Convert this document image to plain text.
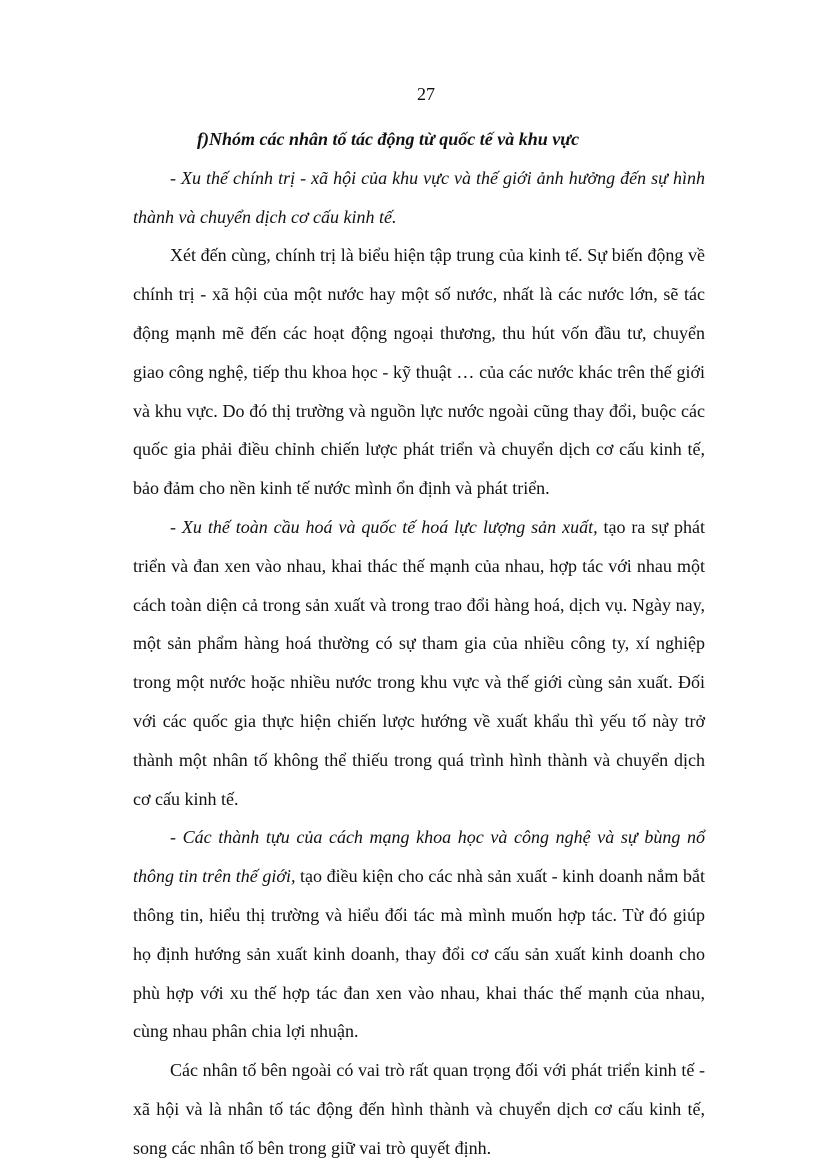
27

f)Nhóm các nhân tố tác động từ quốc tế và khu vực

- Xu thế chính trị - xã hội của khu vực và thế giới ảnh hưởng đến sự hình thành và chuyển dịch cơ cấu kinh tế.

Xét đến cùng, chính trị là biểu hiện tập trung của kinh tế. Sự biến động về chính trị - xã hội của một nước hay một số nước, nhất là các nước lớn, sẽ tác động mạnh mẽ đến các hoạt động ngoại thương, thu hút vốn đầu tư, chuyển giao công nghệ, tiếp thu khoa học - kỹ thuật … của các nước khác trên thế giới và khu vực. Do đó thị trường và nguồn lực nước ngoài cũng thay đổi, buộc các quốc gia phải điều chỉnh chiến lược phát triển và chuyển dịch cơ cấu kinh tế, bảo đảm cho nền kinh tế nước mình ổn định và phát triển.

- Xu thế toàn cầu hoá và quốc tế hoá lực lượng sản xuất, tạo ra sự phát triển và đan xen vào nhau, khai thác thế mạnh của nhau, hợp tác với nhau một cách toàn diện cả trong sản xuất và trong trao đổi hàng hoá, dịch vụ. Ngày nay, một sản phẩm hàng hoá thường có sự tham gia của nhiều công ty, xí nghiệp trong một nước hoặc nhiều nước trong khu vực và thế giới cùng sản xuất. Đối với các quốc gia thực hiện chiến lược hướng về xuất khẩu thì yếu tố này trở thành một nhân tố không thể thiếu trong quá trình hình thành và chuyển dịch cơ cấu kinh tế.

- Các thành tựu của cách mạng khoa học và công nghệ và sự bùng nổ thông tin trên thế giới, tạo điều kiện cho các nhà sản xuất - kinh doanh nắm bắt thông tin, hiểu thị trường và hiểu đối tác mà mình muốn hợp tác. Từ đó giúp họ định hướng sản xuất kinh doanh, thay đổi cơ cấu sản xuất kinh doanh cho phù hợp với xu thế hợp tác đan xen vào nhau, khai thác thế mạnh của nhau, cùng nhau phân chia lợi nhuận.

Các nhân tố bên ngoài có vai trò rất quan trọng đối với phát triển kinh tế - xã hội và là nhân tố tác động đến hình thành và chuyển dịch cơ cấu kinh tế, song các nhân tố bên trong giữ vai trò quyết định.
